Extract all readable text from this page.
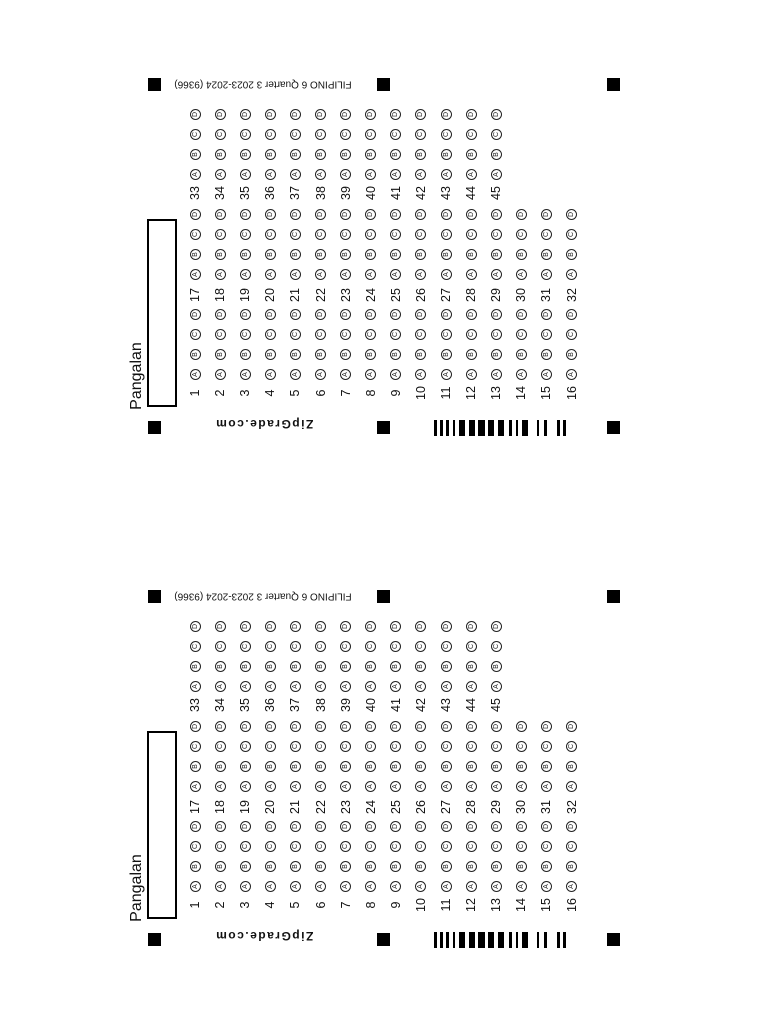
Pangalan
FILIPINO 6 Quarter 3 2023-2024 (9366)
ZipGrade.com
1
A
B
C
D
2
A
B
C
D
3
A
B
C
D
4
A
B
C
D
5
A
B
C
D
6
A
B
C
D
7
A
B
C
D
8
A
B
C
D
9
A
B
C
D
10
A
B
C
D
11
A
B
C
D
12
A
B
C
D
13
A
B
C
D
14
A
B
C
D
15
A
B
C
D
16
A
B
C
D
17
A
B
C
D
18
A
B
C
D
19
A
B
C
D
20
A
B
C
D
21
A
B
C
D
22
A
B
C
D
23
A
B
C
D
24
A
B
C
D
25
A
B
C
D
26
A
B
C
D
27
A
B
C
D
28
A
B
C
D
29
A
B
C
D
30
A
B
C
D
31
A
B
C
D
32
A
B
C
D
33
A
B
C
D
34
A
B
C
D
35
A
B
C
D
36
A
B
C
D
37
A
B
C
D
38
A
B
C
D
39
A
B
C
D
40
A
B
C
D
41
A
B
C
D
42
A
B
C
D
43
A
B
C
D
44
A
B
C
D
45
A
B
C
D
Pangalan
FILIPINO 6 Quarter 3 2023-2024 (9366)
ZipGrade.com
1
A
B
C
D
2
A
B
C
D
3
A
B
C
D
4
A
B
C
D
5
A
B
C
D
6
A
B
C
D
7
A
B
C
D
8
A
B
C
D
9
A
B
C
D
10
A
B
C
D
11
A
B
C
D
12
A
B
C
D
13
A
B
C
D
14
A
B
C
D
15
A
B
C
D
16
A
B
C
D
17
A
B
C
D
18
A
B
C
D
19
A
B
C
D
20
A
B
C
D
21
A
B
C
D
22
A
B
C
D
23
A
B
C
D
24
A
B
C
D
25
A
B
C
D
26
A
B
C
D
27
A
B
C
D
28
A
B
C
D
29
A
B
C
D
30
A
B
C
D
31
A
B
C
D
32
A
B
C
D
33
A
B
C
D
34
A
B
C
D
35
A
B
C
D
36
A
B
C
D
37
A
B
C
D
38
A
B
C
D
39
A
B
C
D
40
A
B
C
D
41
A
B
C
D
42
A
B
C
D
43
A
B
C
D
44
A
B
C
D
45
A
B
C
D
